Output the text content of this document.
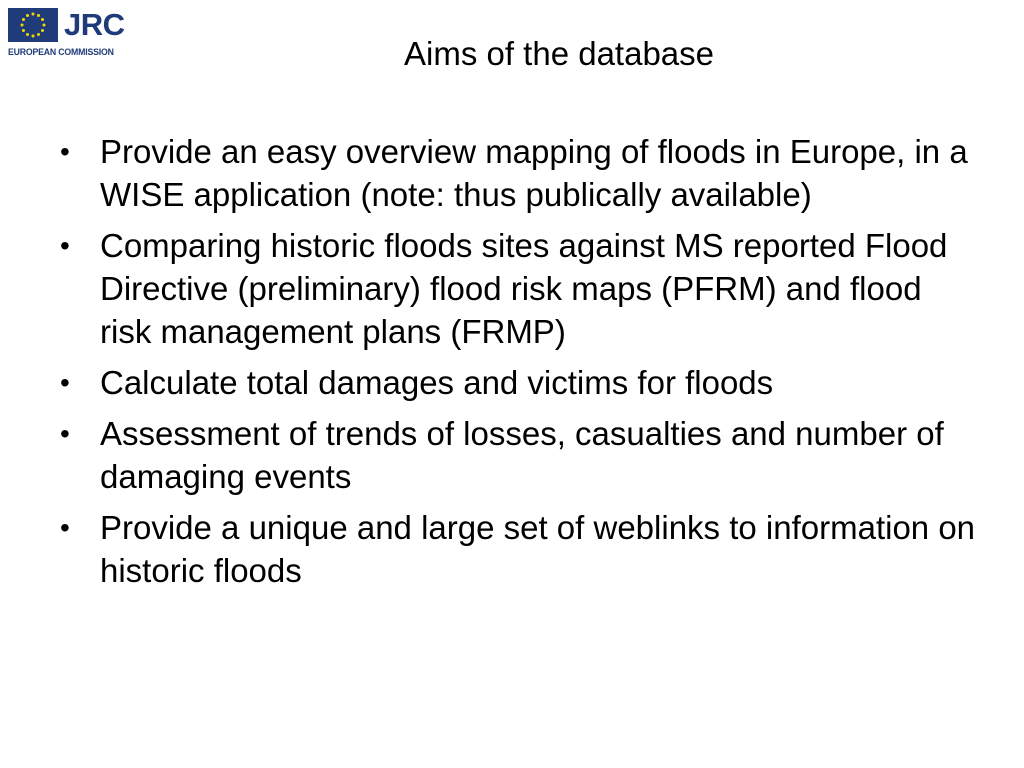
JRC
EUROPEAN COMMISSION	Aims of the database
• Provide an easy overview mapping of floods in Europe, in a WISE application (note: thus publically available)
• Comparing historic floods sites against MS reported Flood Directive (preliminary) flood risk maps (PFRM) and flood risk management plans (FRMP)
• Calculate total damages and victims for floods
• Assessment of trends of losses, casualties and number of damaging events
• Provide a unique and large set of weblinks to information on historic floods
